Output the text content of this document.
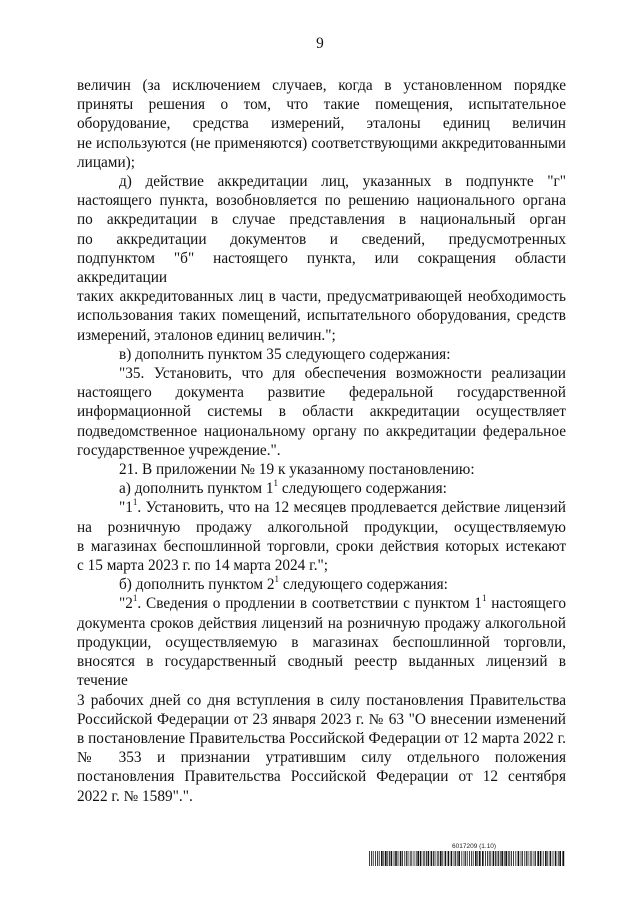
9
величин (за исключением случаев, когда в установленном порядке
приняты решения о том, что такие помещения, испытательное
оборудование, средства измерений, эталоны единиц величин
не используются (не применяются) соответствующими аккредитованными
лицами);
д) действие аккредитации лиц, указанных в подпункте "г"
настоящего пункта, возобновляется по решению национального органа
по аккредитации в случае представления в национальный орган
по аккредитации документов и сведений, предусмотренных
подпунктом "б" настоящего пункта, или сокращения области аккредитации
таких аккредитованных лиц в части, предусматривающей необходимость
использования таких помещений, испытательного оборудования, средств
измерений, эталонов единиц величин.";
в) дополнить пунктом 35 следующего содержания:
"35. Установить, что для обеспечения возможности реализации
настоящего документа развитие федеральной государственной
информационной системы в области аккредитации осуществляет
подведомственное национальному органу по аккредитации федеральное
государственное учреждение.".
21. В приложении № 19 к указанному постановлению:
а) дополнить пунктом $1^1$ следующего содержания:
"$1^1$. Установить, что на 12 месяцев продлевается действие лицензий
на розничную продажу алкогольной продукции, осуществляемую
в магазинах беспошлинной торговли, сроки действия которых истекают
с 15 марта 2023 г. по 14 марта 2024 г.";
б) дополнить пунктом $2^1$ следующего содержания:
"$2^1$. Сведения о продлении в соответствии с пунктом $1^1$ настоящего
документа сроков действия лицензий на розничную продажу алкогольной
продукции, осуществляемую в магазинах беспошлинной торговли,
вносятся в государственный сводный реестр выданных лицензий в течение
3 рабочих дней со дня вступления в силу постановления Правительства
Российской Федерации от 23 января 2023 г. № 63 "О внесении изменений
в постановление Правительства Российской Федерации от 12 марта 2022 г.
№ 353 и признании утратившим силу отдельного положения
постановления Правительства Российской Федерации от 12 сентября
2022 г. № 1589".".
6017209 (1.10)
